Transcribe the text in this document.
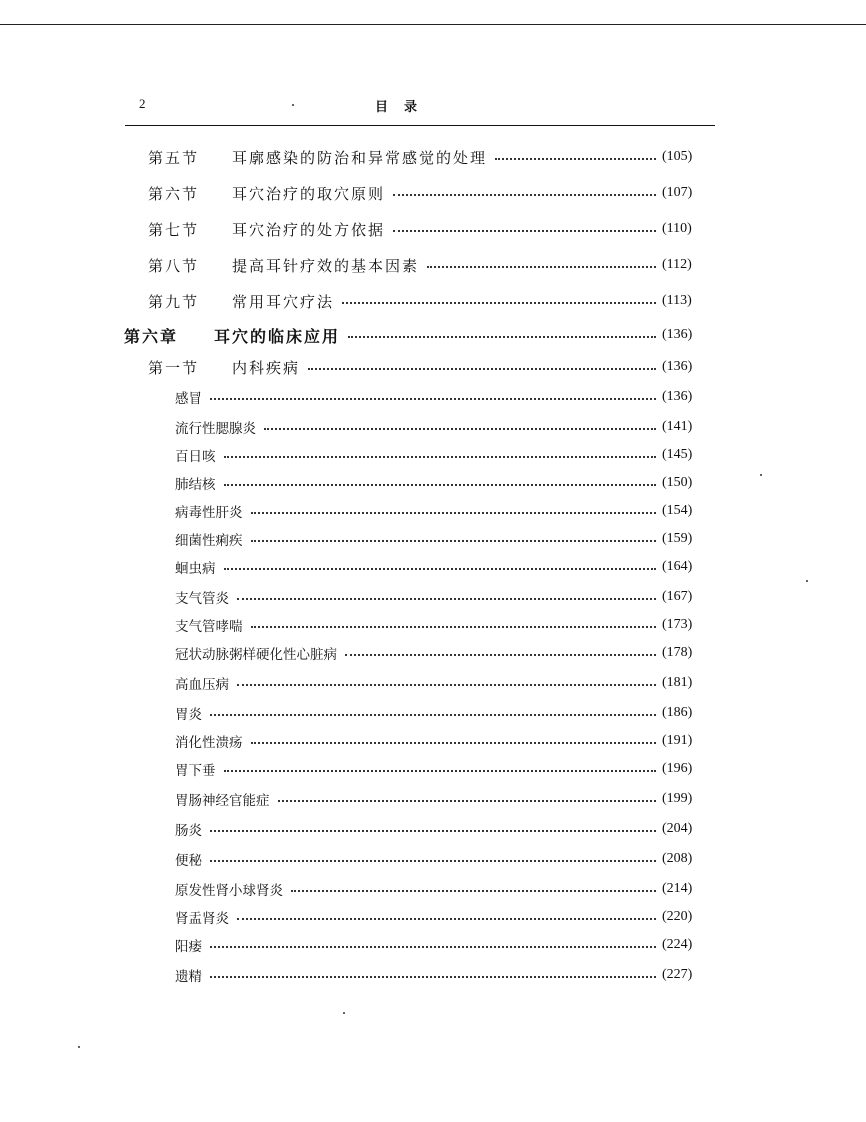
2	目录
第五节 耳廓感染的防治和异常感觉的处理	(105)
第六节 耳穴治疗的取穴原则	(107)
第七节 耳穴治疗的处方依据	(110)
第八节 提高耳针疗效的基本因素	(112)
第九节 常用耳穴疗法	(113)
第六章 耳穴的临床应用	(136)
第一节 内科疾病	(136)
感冒	(136)
流行性腮腺炎	(141)
百日咳	(145)
肺结核	(150)
病毒性肝炎	(154)
细菌性痢疾	(159)
蛔虫病	(164)
支气管炎	(167)
支气管哮喘	(173)
冠状动脉粥样硬化性心脏病	(178)
高血压病	(181)
胃炎	(186)
消化性溃疡	(191)
胃下垂	(196)
胃肠神经官能症	(199)
肠炎	(204)
便秘	(208)
原发性肾小球肾炎	(214)
肾盂肾炎	(220)
阳痿	(224)
遗精	(227)
